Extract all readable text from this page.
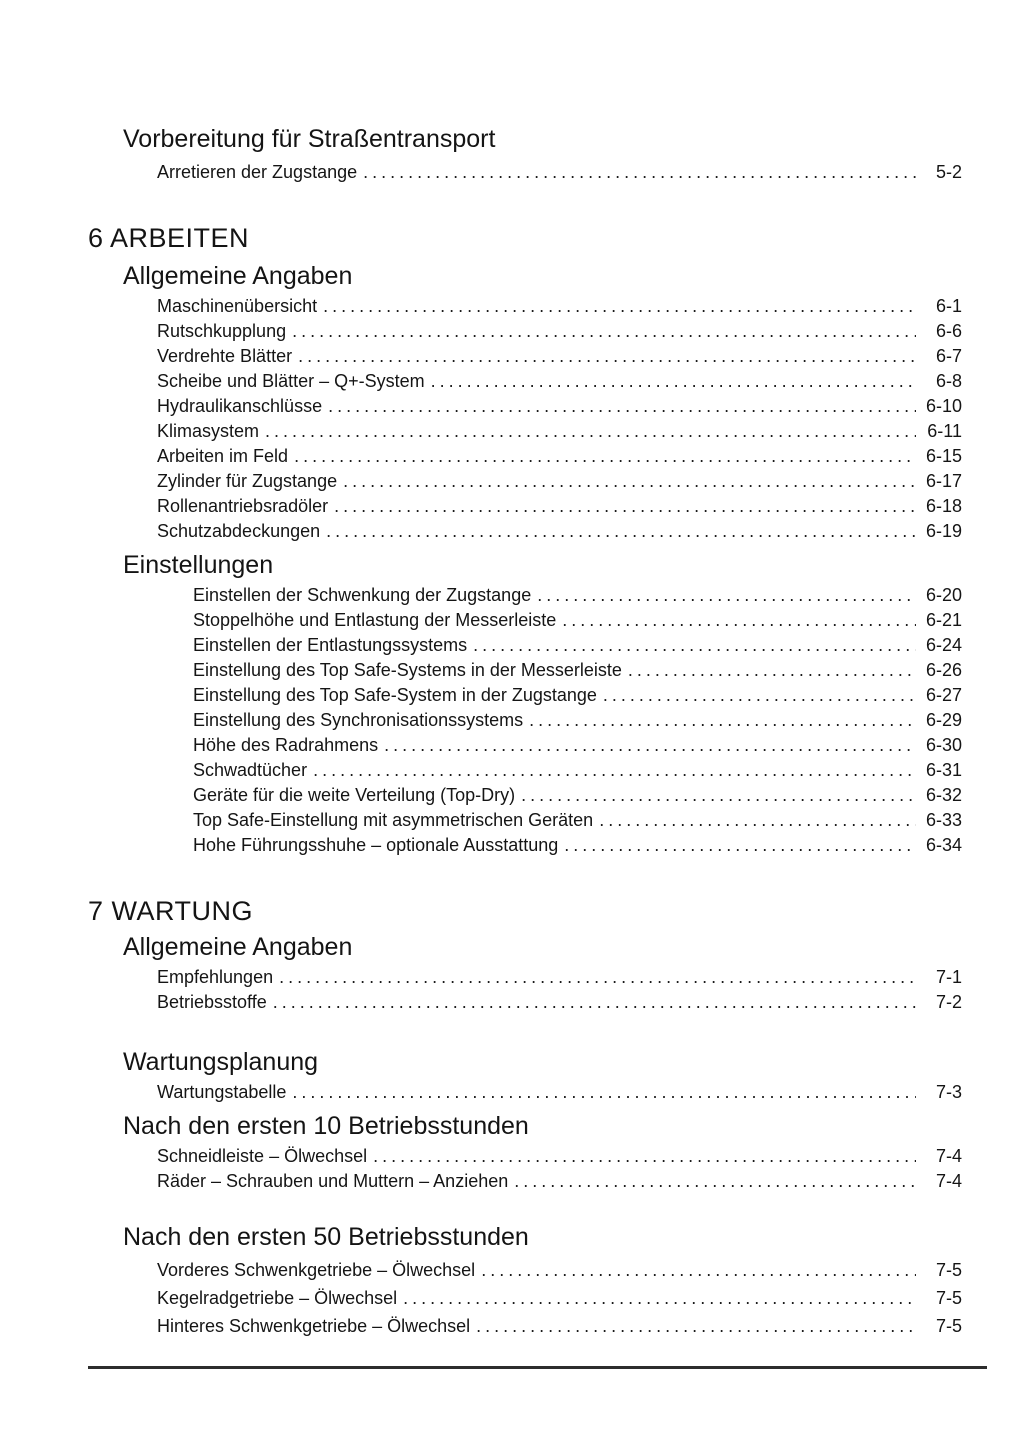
Vorbereitung für Straßentransport
Arretieren der Zugstange .....	5-2
6 ARBEITEN
Allgemeine Angaben
Maschinenübersicht .....	6-1
Rutschkupplung .....	6-6
Verdrehte Blätter .....	6-7
Scheibe und Blätter – Q+-System .....	6-8
Hydraulikanschlüsse .....	6-10
Klimasystem .....	6-11
Arbeiten im Feld .....	6-15
Zylinder für Zugstange .....	6-17
Rollenantriebsradöler .....	6-18
Schutzabdeckungen .....	6-19
Einstellungen
Einstellen der Schwenkung der Zugstange .....	6-20
Stoppelhöhe und Entlastung der Messerleiste .....	6-21
Einstellen der Entlastungssystems .....	6-24
Einstellung des Top Safe-Systems in der Messerleiste .....	6-26
Einstellung des Top Safe-System in der Zugstange .....	6-27
Einstellung des Synchronisationssystems .....	6-29
Höhe des Radrahmens .....	6-30
Schwadtücher .....	6-31
Geräte für die weite Verteilung (Top-Dry) .....	6-32
Top Safe-Einstellung mit asymmetrischen Geräten .....	6-33
Hohe Führungsshuhe – optionale Ausstattung .....	6-34
7 WARTUNG
Allgemeine Angaben
Empfehlungen .....	7-1
Betriebsstoffe .....	7-2
Wartungsplanung
Wartungstabelle .....	7-3
Nach den ersten 10 Betriebsstunden
Schneidleiste – Ölwechsel .....	7-4
Räder – Schrauben und Muttern – Anziehen .....	7-4
Nach den ersten 50 Betriebsstunden
Vorderes Schwenkgetriebe – Ölwechsel .....	7-5
Kegelradgetriebe – Ölwechsel .....	7-5
Hinteres Schwenkgetriebe – Ölwechsel .....	7-5
